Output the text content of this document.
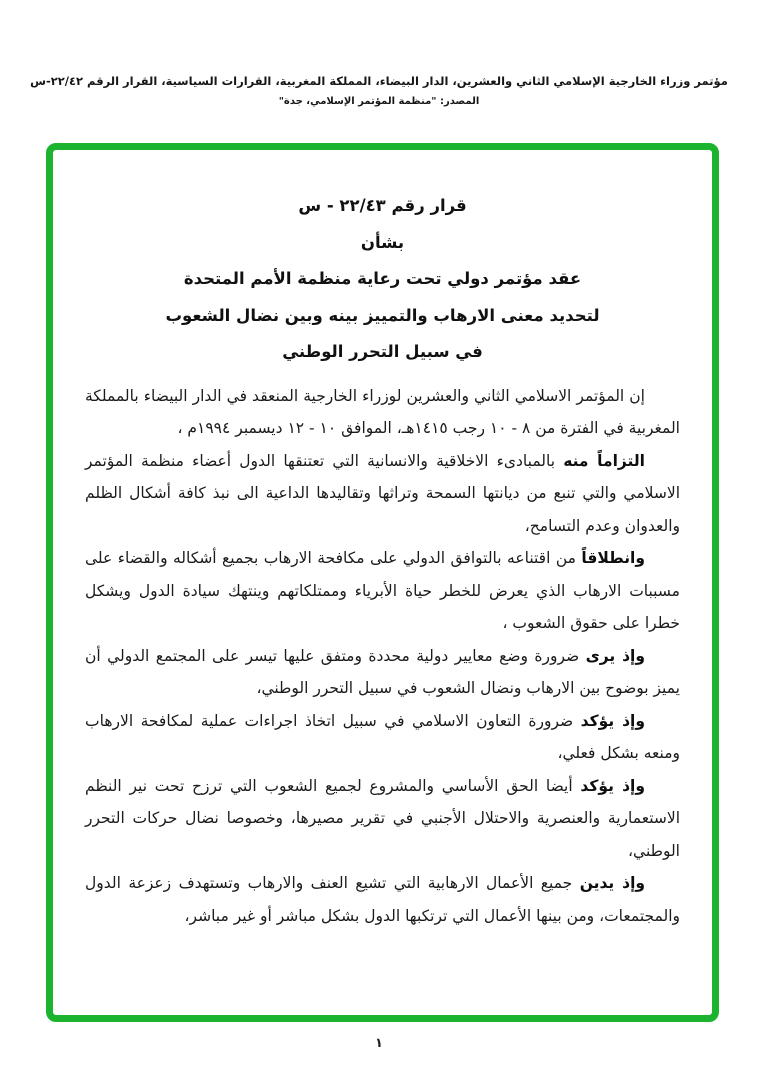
مؤتمر وزراء الخارجية الإسلامي الثاني والعشرين، الدار البيضاء، المملكة المغربية، القرارات السياسية، القرار الرقم ٢٢/٤٢-س
المصدر: "منظمة المؤتمر الإسلامي، جدة"
قرار رقم ٢٢/٤٣ - س
بشأن
عقد مؤتمر دولي تحت رعاية منظمة الأمم المتحدة
لتحديد معنى الارهاب والتمييز بينه وبين نضال الشعوب
في سبيل التحرر الوطني

إن المؤتمر الاسلامي الثاني والعشرين لوزراء الخارجية المنعقد في الدار البيضاء بالمملكة المغربية في الفترة من ٨ - ١٠ رجب ١٤١٥هـ، الموافق ١٠ - ١٢ ديسمبر ١٩٩٤م ،

التزاماً منه بالمبادىء الاخلاقية والانسانية التي تعتنقها الدول أعضاء منظمة المؤتمر الاسلامي والتي تنبع من ديانتها السمحة وتراثها وتقاليدها الداعية الى نبذ كافة أشكال الظلم والعدوان وعدم التسامح،

وانطلاقاً من اقتناعه بالتوافق الدولي على مكافحة الارهاب بجميع أشكاله والقضاء على مسببات الارهاب الذي يعرض للخطر حياة الأبرياء وممتلكاتهم وينتهك سيادة الدول ويشكل خطرا على حقوق الشعوب ،

وإذ يرى ضرورة وضع معايير دولية محددة ومتفق عليها تيسر على المجتمع الدولي أن يميز بوضوح بين الارهاب ونضال الشعوب في سبيل التحرر الوطني،

وإذ يؤكد ضرورة التعاون الاسلامي في سبيل اتخاذ اجراءات عملية لمكافحة الارهاب ومنعه بشكل فعلي،

وإذ يؤكد أيضا الحق الأساسي والمشروع لجميع الشعوب التي ترزح تحت نير النظم الاستعمارية والعنصرية والاحتلال الأجنبي في تقرير مصيرها، وخصوصا نضال حركات التحرر الوطني،

وإذ يدين جميع الأعمال الارهابية التي تشيع العنف والارهاب وتستهدف زعزعة الدول والمجتمعات، ومن بينها الأعمال التي ترتكبها الدول بشكل مباشر أو غير مباشر،

١
